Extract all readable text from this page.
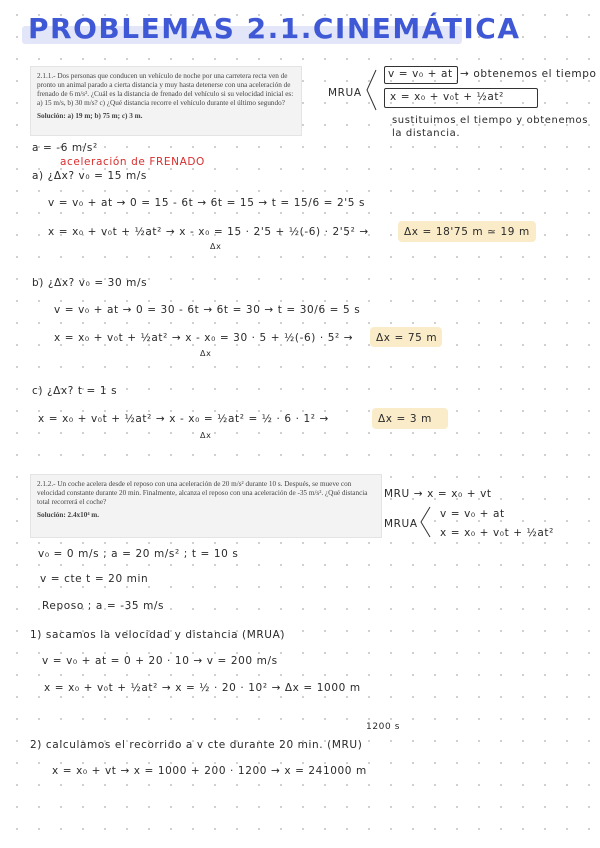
PROBLEMAS 2.1.CINEMÁTICA
2.1.1.- Dos personas que conducen un vehículo de noche por una carretera recta ven de pronto un animal parado a cierta distancia y muy hasta detenerse con una aceleración de frenado de 6 m/s². ¿Cuál es la distancia de frenado del vehículo si su velocidad inicial es: a) 15 m/s, b) 30 m/s? c) ¿Qué distancia recorre el vehículo durante el último segundo?
Solución: a) 19 m; b) 75 m; c) 3 m.
MRUA
v = v₀ + at → obtenemos el tiempo
x = x₀ + v₀t + ½at²
sustituimos el tiempo y obtenemos la distancia.
a = -6 m/s²
aceleración de FRENADO
a) ¿Δx? v₀ = 15 m/s
v = v₀ + at → 0 = 15 - 6t → 6t = 15 → t = 15/6 = 2'5 s
x = x₀ + v₀t + ½at² → x - x₀ = 15 · 2'5 + ½(-6) · 2'5² →
Δx
Δx = 18'75 m ≃ 19 m
b) ¿Δx? v₀ = 30 m/s
v = v₀ + at → 0 = 30 - 6t → 6t = 30 → t = 30/6 = 5 s
x = x₀ + v₀t + ½at² → x - x₀ = 30 · 5 + ½(-6) · 5² →
Δx
Δx = 75 m
c) ¿Δx? t = 1 s
x = x₀ + v₀t + ½at² → x - x₀ = ½at² = ½ · 6 · 1² →
Δx
Δx = 3 m
2.1.2.- Un coche acelera desde el reposo con una aceleración de 20 m/s² durante 10 s. Después, se mueve con velocidad constante durante 20 min. Finalmente, alcanza el reposo con una aceleración de -35 m/s². ¿Qué distancia total recorrerá el coche?
Solución: 2.4x10⁴ m.
MRU → x = x₀ + vt
MRUA
v = v₀ + at
x = x₀ + v₀t + ½at²
v₀ = 0 m/s ; a = 20 m/s² ; t = 10 s
v = cte t = 20 min
Reposo ; a = -35 m/s
1) sacamos la velocidad y distancia (MRUA)
v = v₀ + at = 0 + 20 · 10 → v = 200 m/s
x = x₀ + v₀t + ½at² → x = ½ · 20 · 10² → Δx = 1000 m
1200 s
2) calculamos el recorrido a v cte durante 20 min. (MRU)
x = x₀ + vt → x = 1000 + 200 · 1200 → x = 241000 m
